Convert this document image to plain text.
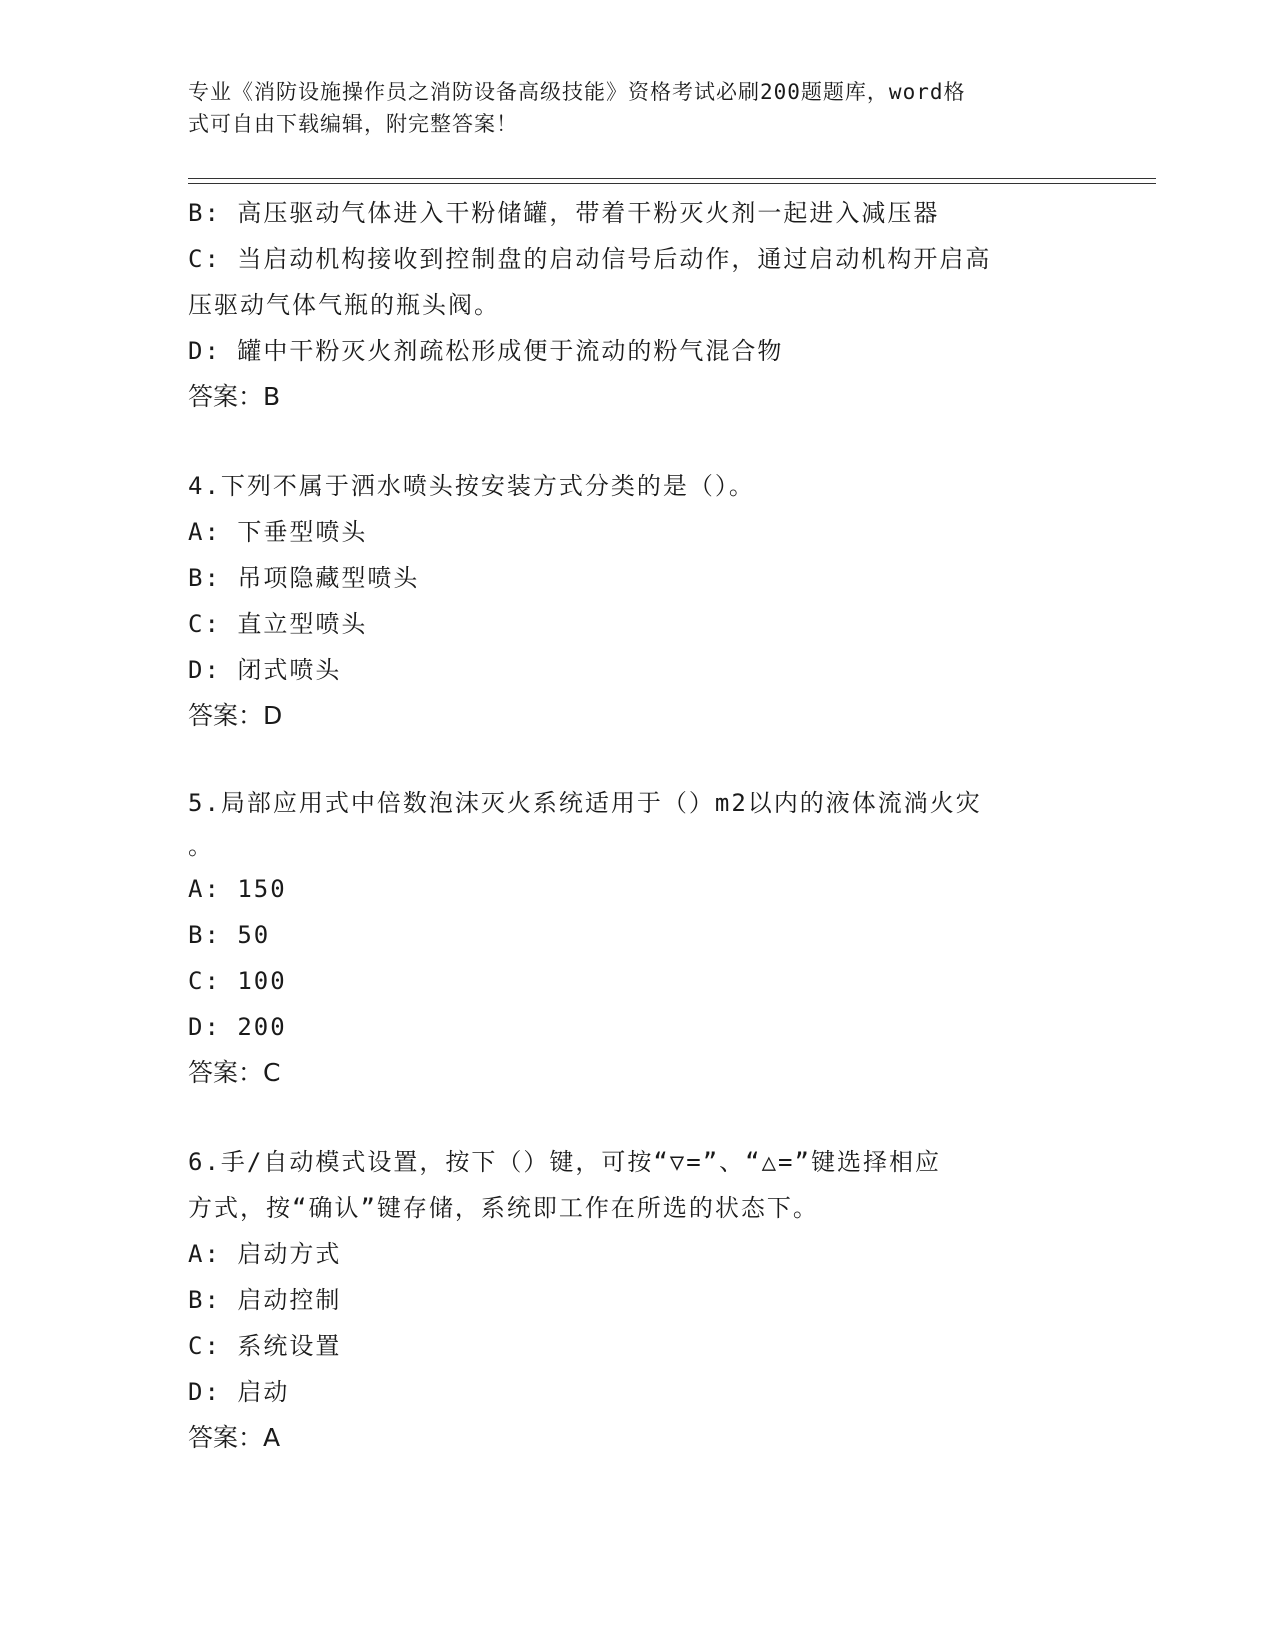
专业《消防设施操作员之消防设备高级技能》资格考试必刷200题题库，word格
式可自由下载编辑，附完整答案！
B: 高压驱动气体进入干粉储罐，带着干粉灭火剂一起进入减压器
C: 当启动机构接收到控制盘的启动信号后动作，通过启动机构开启高
压驱动气体气瓶的瓶头阀。
D: 罐中干粉灭火剂疏松形成便于流动的粉气混合物
答案：B
4.下列不属于洒水喷头按安装方式分类的是（）。
A: 下垂型喷头
B: 吊项隐藏型喷头
C: 直立型喷头
D: 闭式喷头
答案：D
5.局部应用式中倍数泡沫灭火系统适用于（）m2以内的液体流淌火灾
。
A: 150
B: 50
C: 100
D: 200
答案：C
6.手/自动模式设置，按下（）键，可按“▽=”、“△=”键选择相应
方式，按“确认”键存储，系统即工作在所选的状态下。
A: 启动方式
B: 启动控制
C: 系统设置
D: 启动
答案：A
